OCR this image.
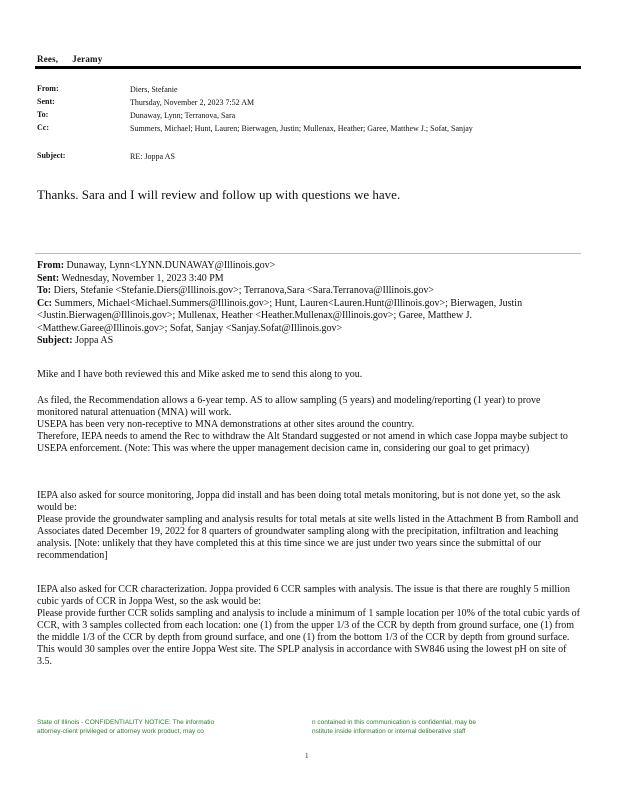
Rees, Jeramy
From:	Diers, Stefanie
Sent:	Thursday, November 2, 2023 7:52 AM
To:	Dunaway, Lynn; Terranova, Sara
Cc:	Summers, Michael; Hunt, Lauren; Bierwagen, Justin; Mullenax, Heather; Garee, Matthew J.; Sofat, Sanjay
Subject:	RE: Joppa AS
Thanks. Sara and I will review and follow up with questions we have.
From: Dunaway, Lynn<LYNN.DUNAWAY@Illinois.gov>
Sent: Wednesday, November 1, 2023 3:40 PM
To: Diers, Stefanie <Stefanie.Diers@Illinois.gov>; Terranova,Sara <Sara.Terranova@Illinois.gov>
Cc: Summers, Michael<Michael.Summers@Illinois.gov>; Hunt, Lauren<Lauren.Hunt@Illinois.gov>; Bierwagen, Justin <Justin.Bierwagen@Illinois.gov>; Mullenax, Heather <Heather.Mullenax@Illinois.gov>; Garee, Matthew J. <Matthew.Garee@Illinois.gov>; Sofat, Sanjay <Sanjay.Sofat@Illinois.gov>
Subject: Joppa AS

Mike and I have both reviewed this and Mike asked me to send this along to you.

As filed, the Recommendation allows a 6-year temp. AS to allow sampling (5 years) and modeling/reporting (1 year) to prove monitored natural attenuation (MNA) will work.

USEPA has been very non-receptive to MNA demonstrations at other sites around the country.

Therefore, IEPA needs to amend the Rec to withdraw the Alt Standard suggested or not amend in which case Joppa maybe subject to USEPA enforcement. (Note: This was where the upper management decision came in, considering our goal to get primacy)

IEPA also asked for source monitoring, Joppa did install and has been doing total metals monitoring, but is not done yet, so the ask would be:

Please provide the groundwater sampling and analysis results for total metals at site wells listed in the Attachment B from Ramboll and Associates dated December 19, 2022 for 8 quarters of groundwater sampling along with the precipitation, infiltration and leaching analysis. [Note: unlikely that they have completed this at this time since we are just under two years since the submittal of our recommendation]

IEPA also asked for CCR characterization. Joppa provided 6 CCR samples with analysis. The issue is that there are roughly 5 million cubic yards of CCR in Joppa West, so the ask would be:

Please provide further CCR solids sampling and analysis to include a minimum of 1 sample location per 10% of the total cubic yards of CCR, with 3 samples collected from each location: one (1) from the upper 1/3 of the CCR by depth from ground surface, one (1) from the middle 1/3 of the CCR by depth from ground surface, and one (1) from the bottom 1/3 of the CCR by depth from ground surface. This would 30 samples over the entire Joppa West site. The SPLP analysis in accordance with SW846 using the lowest pH on site of 3.5.

State of Illinois - CONFIDENTIALITY NOTICE: The informatio
attorney-client privileged or attorney work product, may co
n contained in this communication is confidential, may be
nstitute inside information or internal deliberative staff
1
